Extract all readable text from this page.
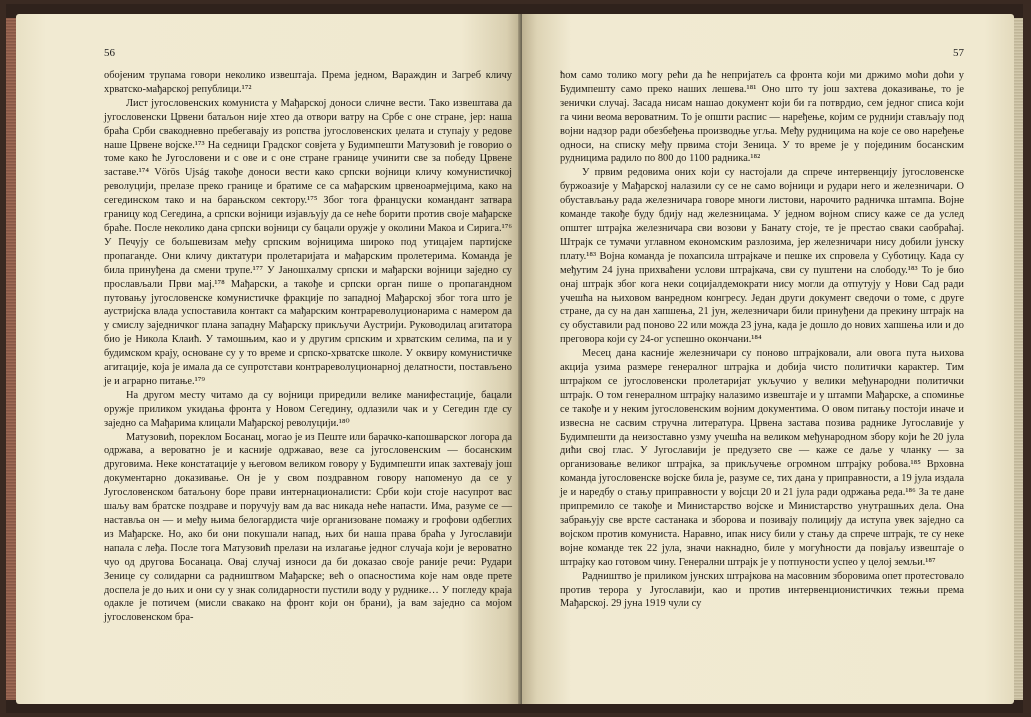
56

обојеним трупама говори неколико извештаја. Према једном, Вараждин и Загреб кличу хрватско-мађарској републици.¹⁷²

Лист југословенских комуниста у Мађарској доноси сличне вести. Тако извештава да југословенски Црвени батаљон није хтео да отвори ватру на Србе с оне стране, јер: наша браћа Срби свакодневно пребегавају из ропства југословенских џелата и ступају у редове наше Црвене војске.¹⁷³ На седници Градског совјета у Будимпешти Матузовић је говорио о томе како ће Југословени и с ове и с оне стране границе учинити све за победу Црвене заставе.¹⁷⁴ Vörös Ujság такође доноси вести како српски војници кличу комунистичкој револуцији, прелазе преко границе и братиме се са мађарским црвеноармејцима, како на сегединском тако и на барањском сектору.¹⁷⁵ Због тога француски командант затвара границу код Сегедина, а српски војници изјављују да се неће борити против своје мађарске браће. После неколико дана српски војници су бацали оружје у околини Макоа и Сирига.¹⁷⁶ У Печују се бољшевизам међу српским војницима широко под утицајем партијске пропаганде. Они кличу диктатури пролетаријата и мађарским пролетерима. Команда је била принуђена да смени трупе.¹⁷⁷ У Јаношхалму српски и мађарски војници заједно су прослављали Први мај.¹⁷⁸ Мађарски, а такође и српски орган пише о пропагандном путовању југословенске комунистичке фракције по западној Мађарској због тога што је аустријска влада успоставила контакт са мађарским контрареволуционарима с намером да у смислу заједничког плана западну Мађарску прикључи Аустрији. Руководилац агитатора био је Никола Клаић. У тамошњим, као и у другим српским и хрватским селима, па и у будимском крају, основане су у то време и српско-хрватске школе. У оквиру комунистичке агитације, која је имала да се супротстави контрареволуционарној делатности, постављено је и аграрно питање.¹⁷⁹

На другом месту читамо да су војници приредили велике манифестације, бацали оружје приликом укидања фронта у Новом Сегедину, одлазили чак и у Сегедин где су заједно са Мађарима клицали Мађарској револуцији.¹⁸⁰

Матузовић, пореклом Босанац, могао је из Пеште или барачко-капошварског логора да одржава, а вероватно је и касније одржавао, везе са југословенским — босанским друговима. Неке констатације у његовом великом говору у Будимпешти ипак захтевају још документарно доказивање. Он је у свом поздравном говору напоменуо да се у Југословенском батаљону боре прави интернационалисти: Срби који стоје насупрот вас шаљу вам братске поздраве и поручују вам да вас никада неће напасти. Има, разуме се — наставља он — и међу њима белогардиста чије организоване помажу и грофови одбеглих из Мађарске. Но, ако би они покушали напад, њих би наша права браћа у Југославији напала с леђа. После тога Матузовић прелази на излагање једног случаја који је вероватно чуо од другова Босанаца. Овај случај износи да би доказао своје раније речи: Рудари Зенице су солидарни са радништвом Мађарске; већ о опасностима које нам овде прете доспела је до њих и они су у знак солидарности пустили воду у руднике… У погледу краја одакле је потичем (мисли свакако на фронт који он брани), ја вам заједно са мојом југословенском бра-

57

ћом само толико могу рећи да ће непријатељ са фронта који ми држимо моћи доћи у Будимпешту само преко наших лешева.¹⁸¹ Оно што ту још захтева доказивање, то је зенички случај. Засада нисам нашао документ који би га потврдио, сем једног списа који га чини веома вероватним. То је општи распис — наређење, којим се руднији стављају под војни надзор ради обезбеђења производње угља. Међу рудницима на које се ово наређење односи, на списку међу првима стоји Зеница. У то време је у појединим босанским рудницима радило по 800 до 1100 радника.¹⁸²

У првим редовима оних који су настојали да спрече интервенцију југословенске буржоазије у Мађарској налазили су се не само војници и рудари него и железничари. О обустављању рада железничара говоре многи листови, нарочито радничка штампа. Војне команде такође буду бдију над железницама. У једном војном спису каже се да услед општег штрајка железничара сви возови у Банату стоје, те је престао сваки саобраћај. Штрајк се тумачи углавном економским разлозима, јер железничари нису добили јунску плату.¹⁸³ Војна команда је похапсила штрајкаче и пешке их спровела у Суботицу. Када су међутим 24 јуна прихваћени услови штрајкача, сви су пуштени на слободу.¹⁸³ То је био онај штрајк због кога неки социјалдемократи нису могли да отпутују у Нови Сад ради учешћа на њиховом ванредном конгресу. Један други документ сведочи о томе, с друге стране, да су на дан хапшења, 21 јун, железничари били принуђени да прекину штрајк на су обуставили рад поново 22 или можда 23 јуна, када је дошло до нових хапшења или и до преговора који су 24-ог успешно окончани.¹⁸⁴

Месец дана касније железничари су поново штрајковали, али овога пута њихова акција узима размере генералног штрајка и добија чисто политички карактер. Тим штрајком се југословенски пролетаријат укључио у велики међународни политички штрајк. О том генералном штрајку налазимо извештаје и у штампи Мађарске, а споминье се такође и у неким југословенским војним документима. О овом питању постоји иначе и извесна не сасвим стручна литература. Црвена застава позива раднике Југославије у Будимпешти да неизоставно узму учешћа на великом међународном збору који ће 20 јула дићи свој глас. У Југославији је предузето све — каже се даље у чланку — за организовање великог штрајка, за прикључење огромном штрајку робова.¹⁸⁵ Врховна команда југословенске војске била је, разуме се, тих дана у приправности, а 19 јула издала је и наредбу о стању приправности у војсци 20 и 21 јула ради одржања реда.¹⁸⁶ За те дане припремило се такође и Министарство војске и Министарство унутрашњих дела. Она забрањују све врсте састанака и зборова и позивају полицију да иступа увек заједно са војском против комуниста. Наравно, ипак нису били у стању да спрече штрајк, те су неке војне команде тек 22 јула, значи накнадно, биле у могућности да повјаљу извештаје о штрајку као готовом чину. Генерални штрајк је у потпуности успео у целој земљи.¹⁸⁷

Радништво је приликом јунских штрајкова на масовним зборовима опет протестовало против терора у Југославији, као и против интервенционистичких тежњи према Мађарској. 29 јуна 1919 чули су
